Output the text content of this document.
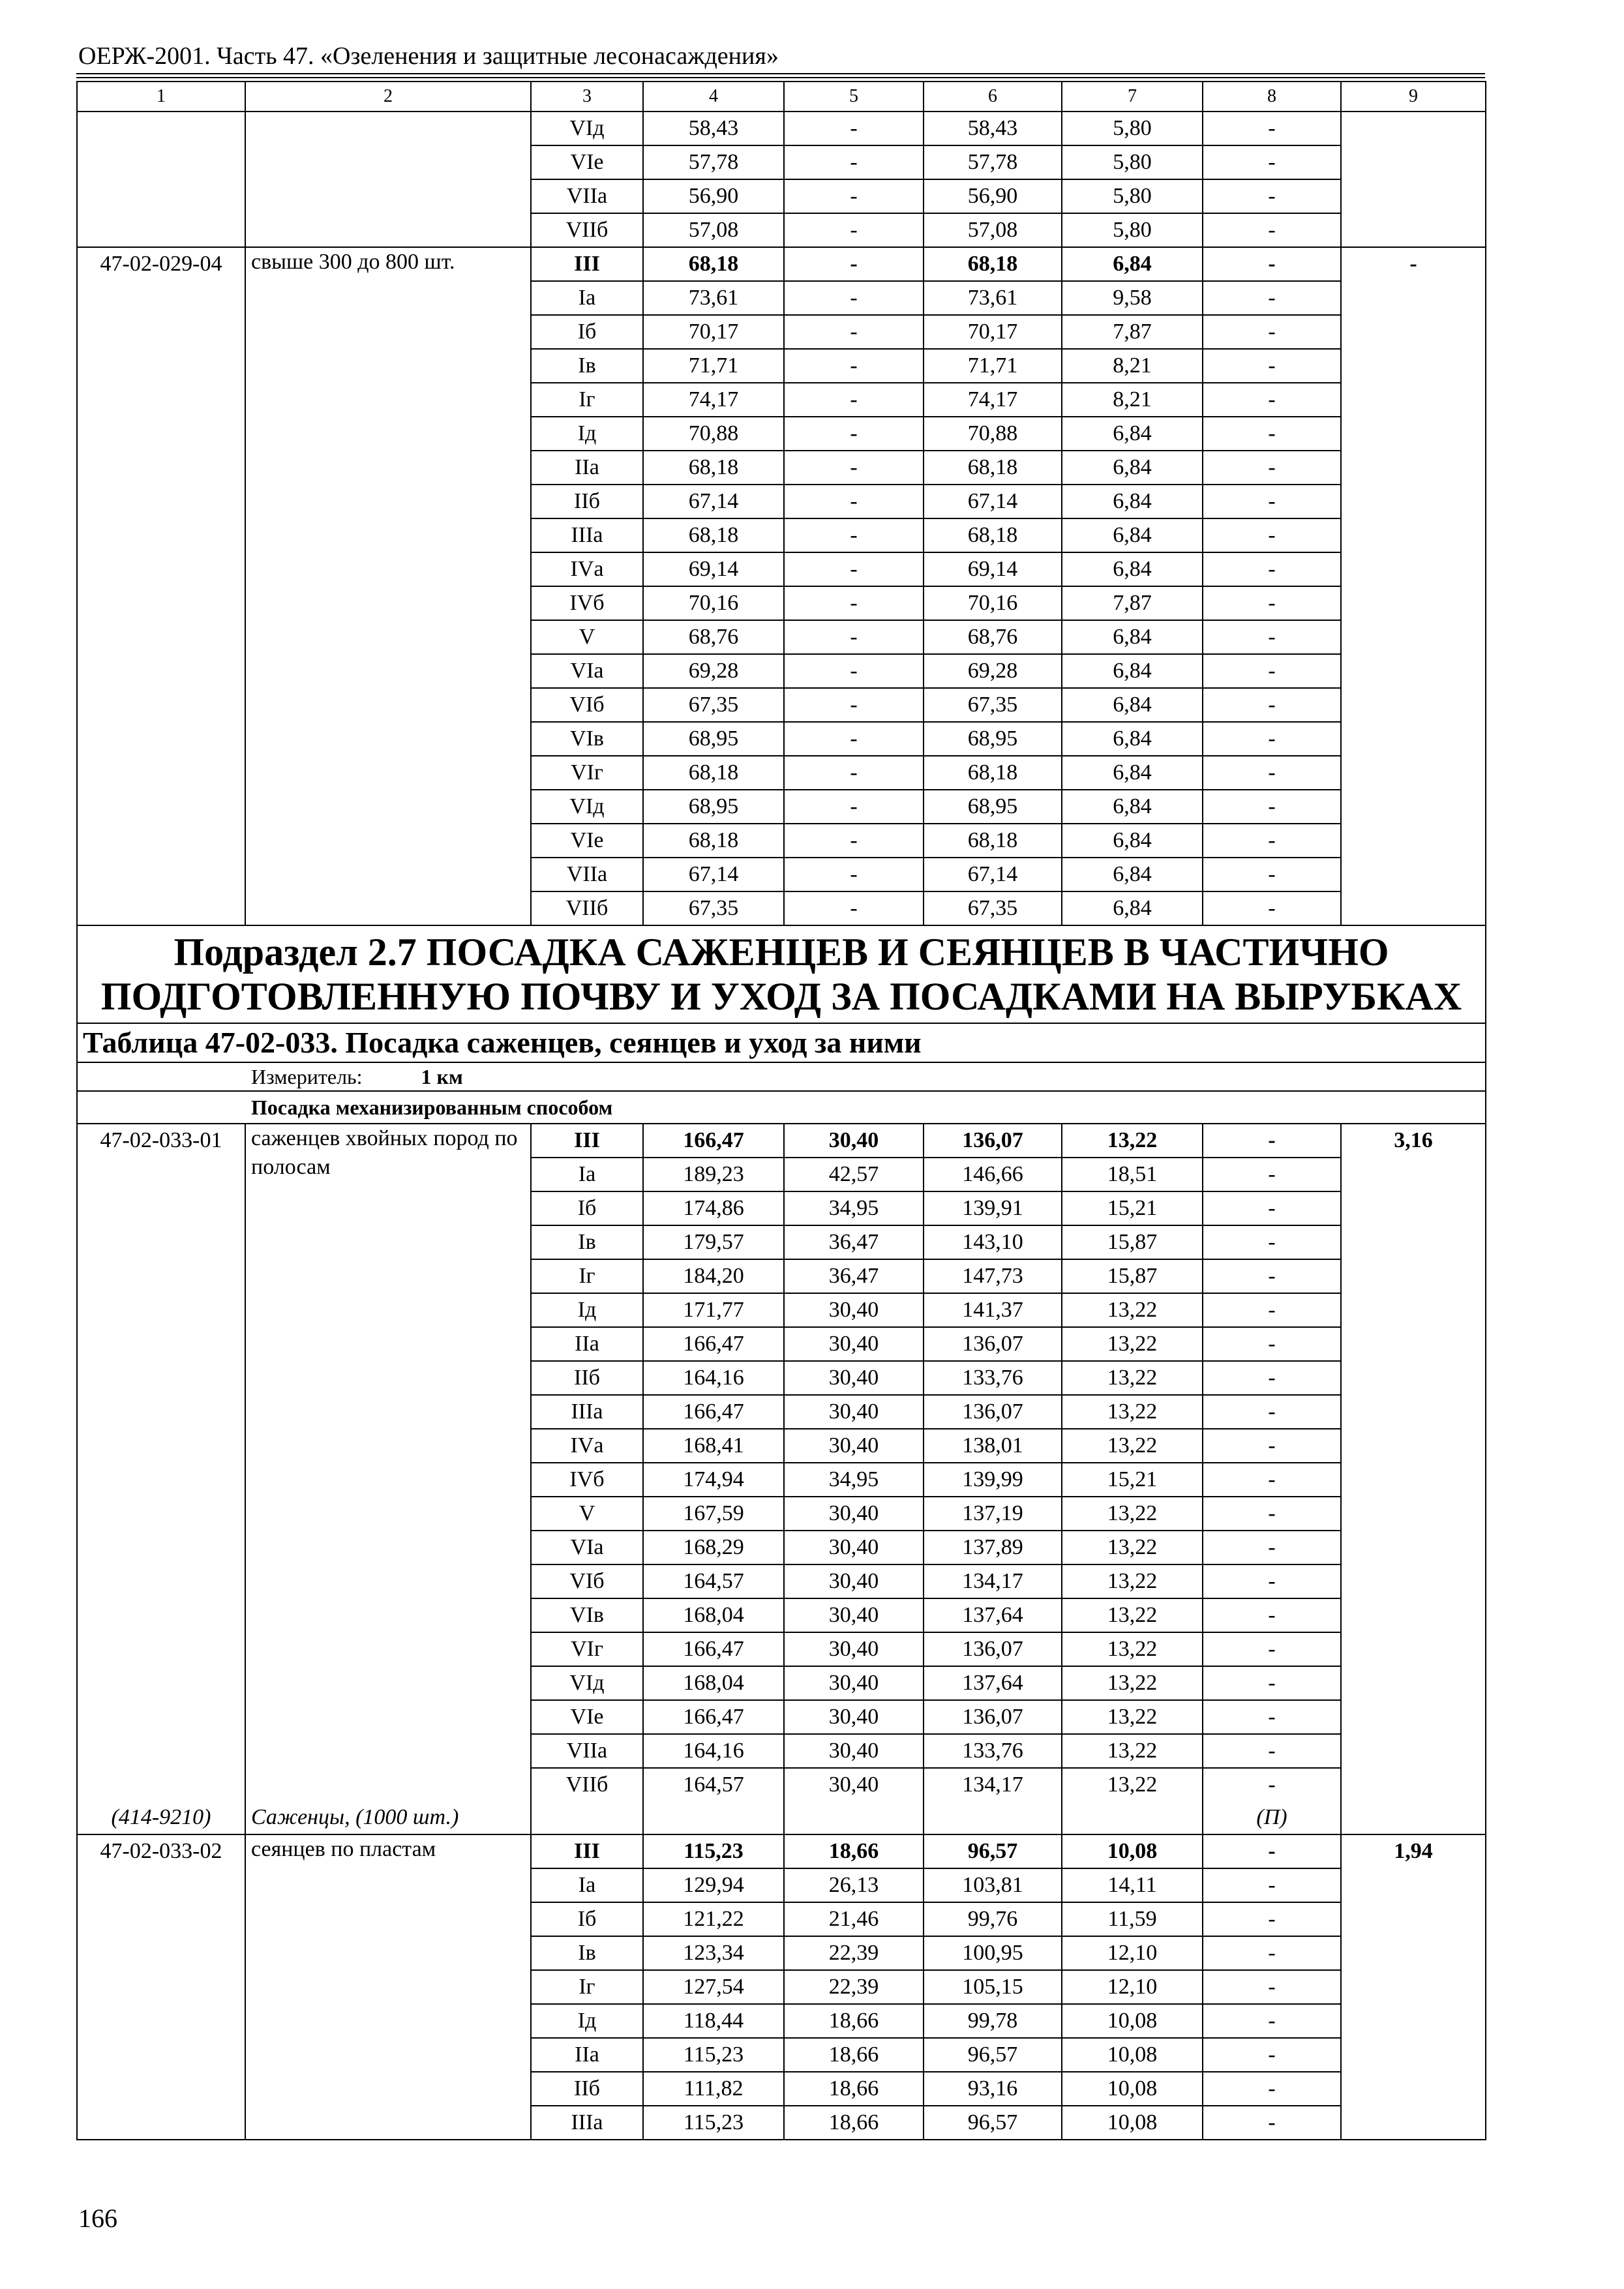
ОЕРЖ-2001. Часть 47. «Озеленения и защитные лесонасаждения»
1	2	3	4	5	6	7	8	9
		VIд	58,43	-	58,43	5,80	-	
		VIе	57,78	-	57,78	5,80	-	
		VIIа	56,90	-	56,90	5,80	-	
		VIIб	57,08	-	57,08	5,80	-	
47-02-029-04	свыше 300 до 800 шт.	III	68,18	-	68,18	6,84	-	-
		Iа	73,61	-	73,61	9,58	-	
		Iб	70,17	-	70,17	7,87	-	
		Iв	71,71	-	71,71	8,21	-	
		Iг	74,17	-	74,17	8,21	-	
		Iд	70,88	-	70,88	6,84	-	
		IIа	68,18	-	68,18	6,84	-	
		IIб	67,14	-	67,14	6,84	-	
		IIIа	68,18	-	68,18	6,84	-	
		IVа	69,14	-	69,14	6,84	-	
		IVб	70,16	-	70,16	7,87	-	
		V	68,76	-	68,76	6,84	-	
		VIа	69,28	-	69,28	6,84	-	
		VIб	67,35	-	67,35	6,84	-	
		VIв	68,95	-	68,95	6,84	-	
		VIг	68,18	-	68,18	6,84	-	
		VIд	68,95	-	68,95	6,84	-	
		VIе	68,18	-	68,18	6,84	-	
		VIIа	67,14	-	67,14	6,84	-	
		VIIб	67,35	-	67,35	6,84	-	

Подраздел 2.7 ПОСАДКА САЖЕНЦЕВ И СЕЯНЦЕВ В ЧАСТИЧНО
ПОДГОТОВЛЕННУЮ ПОЧВУ И УХОД ЗА ПОСАДКАМИ НА ВЫРУБКАХ								

Таблица 47-02-033. Посадка саженцев, сеянцев и уход за ними								
Измеритель: 1 км								
Посадка механизированным способом								
47-02-033-01	саженцев хвойных пород по полосам	III	166,47	30,40	136,07	13,22	-	3,16
		Iа	189,23	42,57	146,66	18,51	-	
		Iб	174,86	34,95	139,91	15,21	-	
		Iв	179,57	36,47	143,10	15,87	-	
		Iг	184,20	36,47	147,73	15,87	-	
		Iд	171,77	30,40	141,37	13,22	-	
		IIа	166,47	30,40	136,07	13,22	-	
		IIб	164,16	30,40	133,76	13,22	-	
		IIIа	166,47	30,40	136,07	13,22	-	
		IVа	168,41	30,40	138,01	13,22	-	
		IVб	174,94	34,95	139,99	15,21	-	
		V	167,59	30,40	137,19	13,22	-	
		VIа	168,29	30,40	137,89	13,22	-	
		VIб	164,57	30,40	134,17	13,22	-	
		VIв	168,04	30,40	137,64	13,22	-	
		VIг	166,47	30,40	136,07	13,22	-	
		VIд	168,04	30,40	137,64	13,22	-	
		VIе	166,47	30,40	136,07	13,22	-	
		VIIа	164,16	30,40	133,76	13,22	-	
		VIIб	164,57	30,40	134,17	13,22	-	
(414-9210)	Саженцы, (1000 шт.)						(П)	
47-02-033-02	сеянцев по пластам	III	115,23	18,66	96,57	10,08	-	1,94
		Iа	129,94	26,13	103,81	14,11	-	
		Iб	121,22	21,46	99,76	11,59	-	
		Iв	123,34	22,39	100,95	12,10	-	
		Iг	127,54	22,39	105,15	12,10	-	
		Iд	118,44	18,66	99,78	10,08	-	
		IIа	115,23	18,66	96,57	10,08	-	
		IIб	111,82	18,66	93,16	10,08	-	
		IIIа	115,23	18,66	96,57	10,08	-	
166
